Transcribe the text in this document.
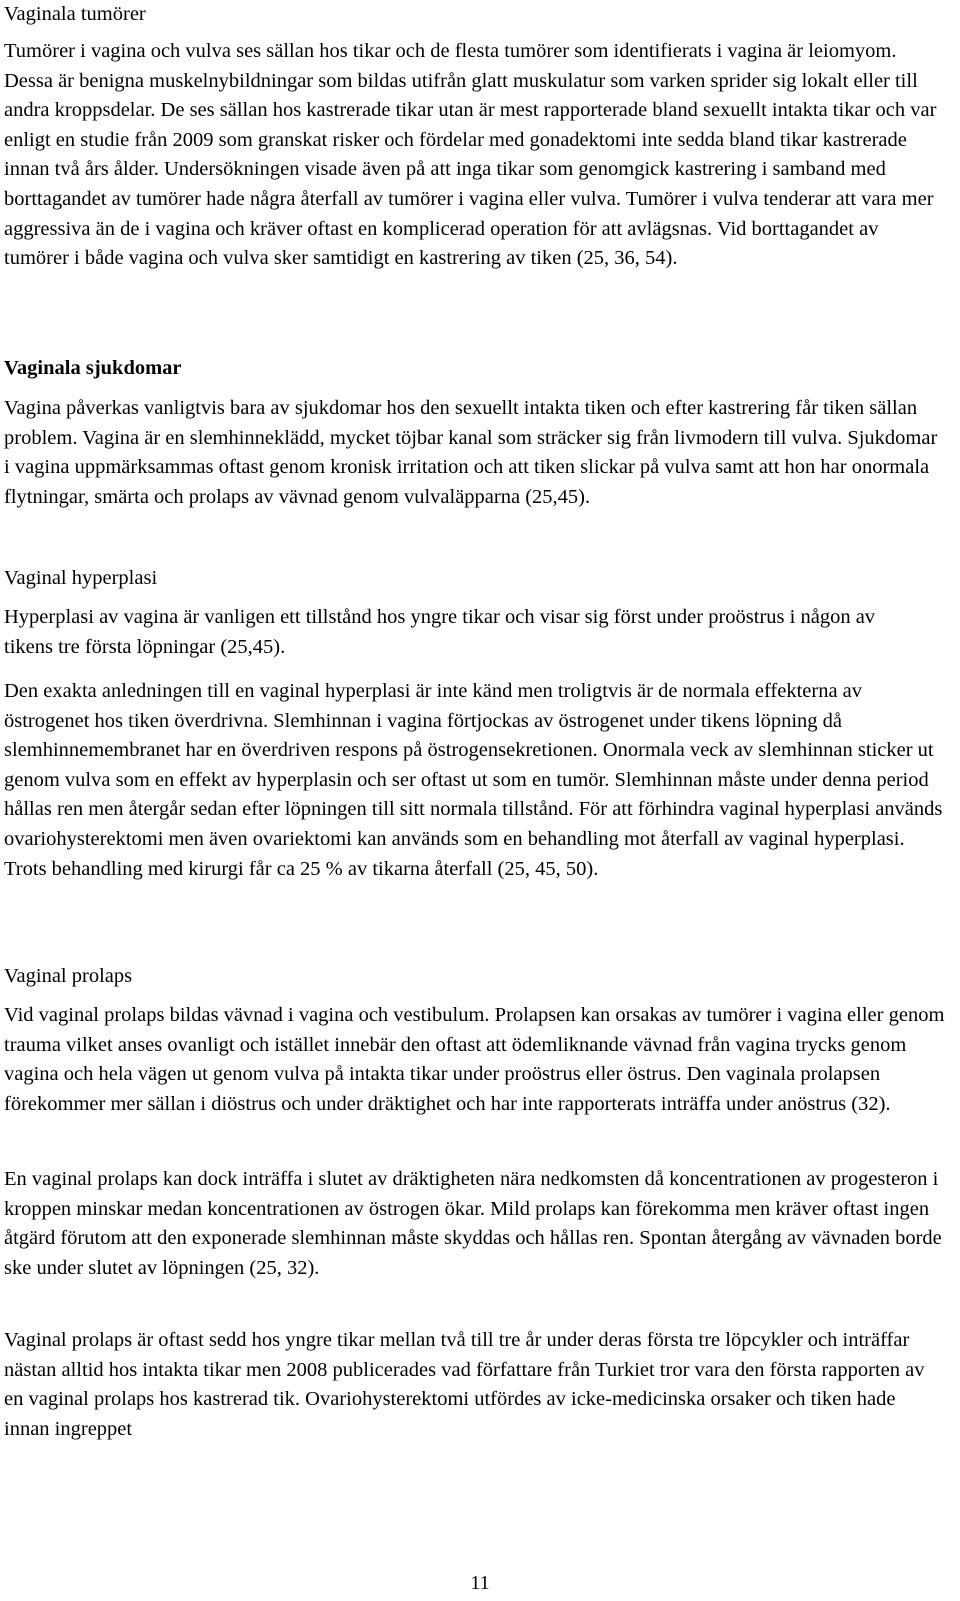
Vaginala tumörer

Tumörer i vagina och vulva ses sällan hos tikar och de flesta tumörer som identifierats i vagina är leiomyom. Dessa är benigna muskelnybildningar som bildas utifrån glatt muskulatur som varken sprider sig lokalt eller till andra kroppsdelar. De ses sällan hos kastrerade tikar utan är mest rapporterade bland sexuellt intakta tikar och var enligt en studie från 2009 som granskat risker och fördelar med gonadektomi inte sedda bland tikar kastrerade innan två års ålder. Undersökningen visade även på att inga tikar som genomgick kastrering i samband med borttagandet av tumörer hade några återfall av tumörer i vagina eller vulva. Tumörer i vulva tenderar att vara mer aggressiva än de i vagina och kräver oftast en komplicerad operation för att avlägsnas. Vid borttagandet av tumörer i både vagina och vulva sker samtidigt en kastrering av tiken (25, 36, 54).

Vaginala sjukdomar

Vagina påverkas vanligtvis bara av sjukdomar hos den sexuellt intakta tiken och efter kastrering får tiken sällan problem. Vagina är en slemhinneklädd, mycket töjbar kanal som sträcker sig från livmodern till vulva. Sjukdomar i vagina uppmärksammas oftast genom kronisk irritation och att tiken slickar på vulva samt att hon har onormala flytningar, smärta och prolaps av vävnad genom vulvaläpparna (25,45).

Vaginal hyperplasi

Hyperplasi av vagina är vanligen ett tillstånd hos yngre tikar och visar sig först under proöstrus i någon av tikens tre första löpningar (25,45).

Den exakta anledningen till en vaginal hyperplasi är inte känd men troligtvis är de normala effekterna av östrogenet hos tiken överdrivna. Slemhinnan i vagina förtjockas av östrogenet under tikens löpning då slemhinnemembranet har en överdriven respons på östrogensekretionen. Onormala veck av slemhinnan sticker ut genom vulva som en effekt av hyperplasin och ser oftast ut som en tumör. Slemhinnan måste under denna period hållas ren men återgår sedan efter löpningen till sitt normala tillstånd. För att förhindra vaginal hyperplasi används ovariohysterektomi men även ovariektomi kan används som en behandling mot återfall av vaginal hyperplasi. Trots behandling med kirurgi får ca 25 % av tikarna återfall (25, 45, 50).

Vaginal prolaps

Vid vaginal prolaps bildas vävnad i vagina och vestibulum. Prolapsen kan orsakas av tumörer i vagina eller genom trauma vilket anses ovanligt och istället innebär den oftast att ödemliknande vävnad från vagina trycks genom vagina och hela vägen ut genom vulva på intakta tikar under proöstrus eller östrus. Den vaginala prolapsen förekommer mer sällan i diöstrus och under dräktighet och har inte rapporterats inträffa under anöstrus (32).

En vaginal prolaps kan dock inträffa i slutet av dräktigheten nära nedkomsten då koncentrationen av progesteron i kroppen minskar medan koncentrationen av östrogen ökar. Mild prolaps kan förekomma men kräver oftast ingen åtgärd förutom att den exponerade slemhinnan måste skyddas och hållas ren. Spontan återgång av vävnaden borde ske under slutet av löpningen (25, 32).

Vaginal prolaps är oftast sedd hos yngre tikar mellan två till tre år under deras första tre löpcykler och inträffar nästan alltid hos intakta tikar men 2008 publicerades vad författare från Turkiet tror vara den första rapporten av en vaginal prolaps hos kastrerad tik. Ovariohysterektomi utfördes av icke-medicinska orsaker och tiken hade innan ingreppet

11
